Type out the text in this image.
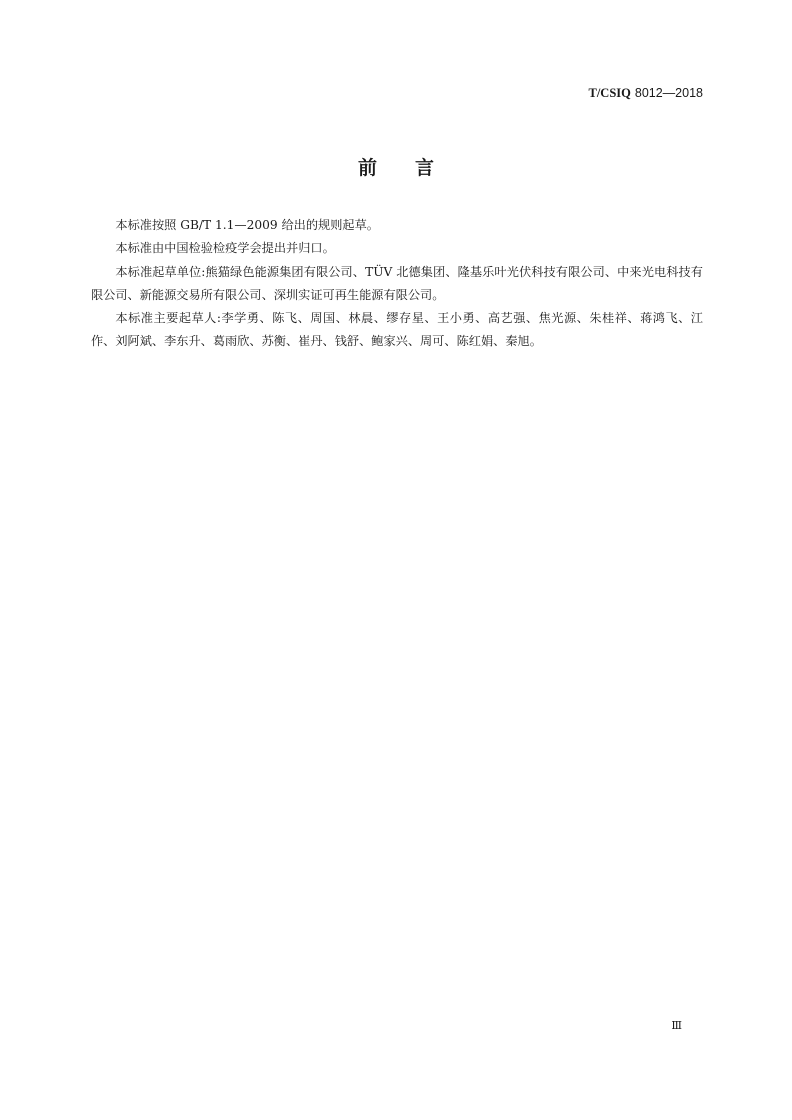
T/CSIQ 8012—2018
前 言

本标准按照 GB/T 1.1—2009 给出的规则起草。

本标准由中国检验检疫学会提出并归口。

本标准起草单位:熊猫绿色能源集团有限公司、TÜV 北德集团、隆基乐叶光伏科技有限公司、中来光电科技有限公司、新能源交易所有限公司、深圳实证可再生能源有限公司。

本标准主要起草人:李学勇、陈飞、周国、林晨、缪存星、王小勇、高艺强、焦光源、朱桂祥、蒋鸿飞、江作、刘阿斌、李东升、葛雨欣、苏衡、崔丹、钱舒、鲍家兴、周可、陈红娟、秦旭。

Ⅲ
